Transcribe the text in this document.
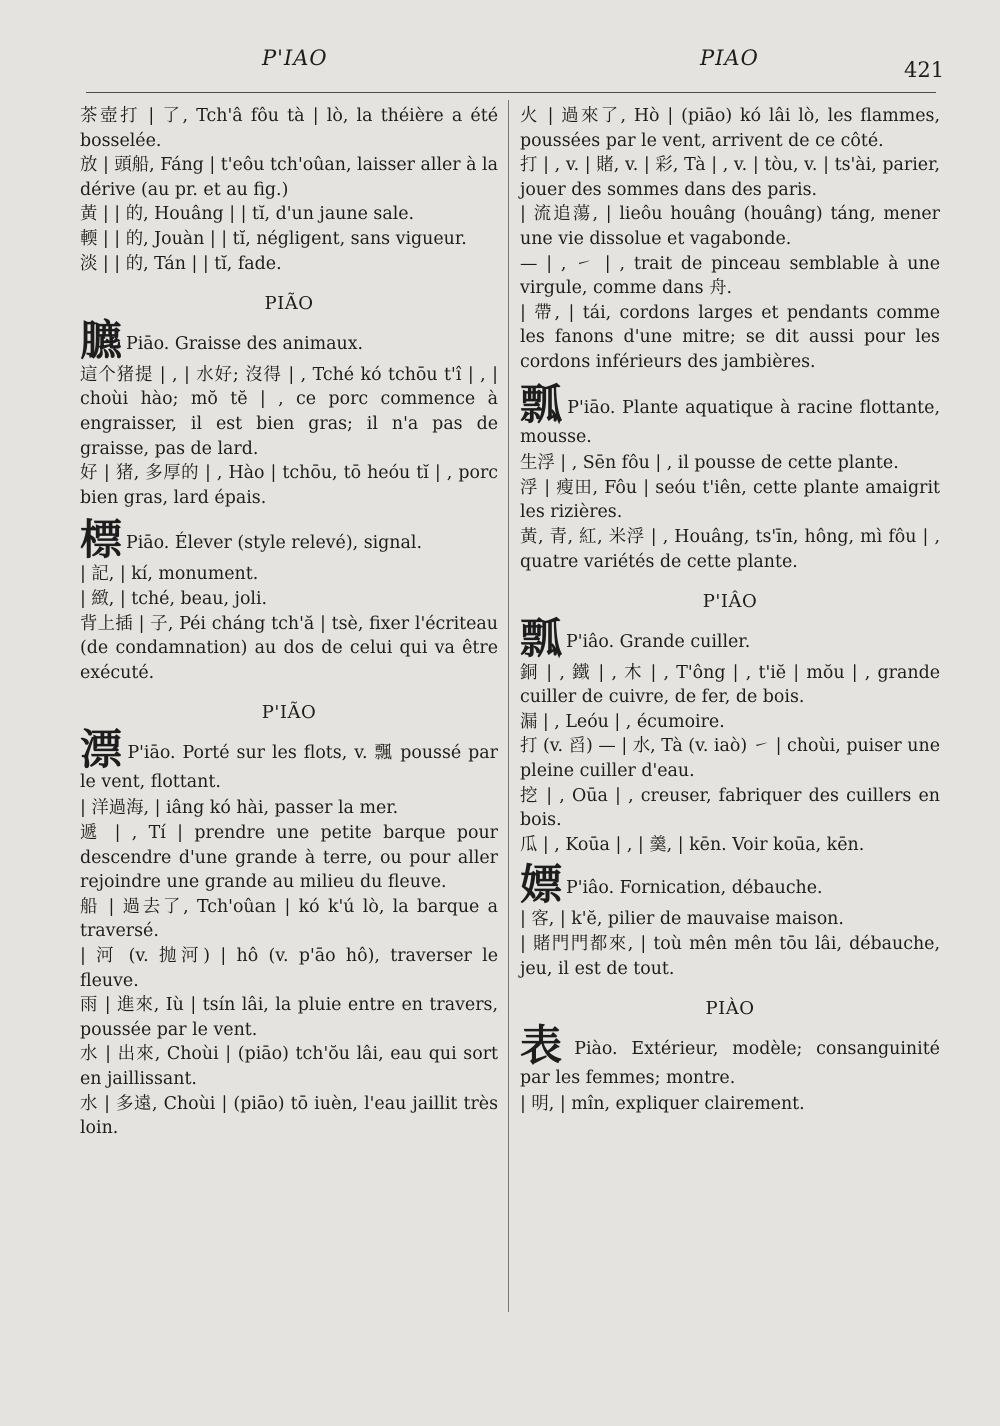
P'IAO	PIAO	421

茶壺打 | 了, Tch'â fôu tà | lò, la théière a été bosselée.

放 | 頭船, Fáng | t'eôu tch'oûan, laisser aller à la dérive (au pr. et au fig.)

黃 | | 的, Houâng | | tĭ, d'un jaune sale.

輭 | | 的, Jouàn | | tĭ, négligent, sans vigueur.

淡 | | 的, Tán | | tĭ, fade.

PIÃO

臕 Piāo. Graisse des animaux.

這个猪提 | , | 水好; 沒得 | , Tché kó tchōu t'î | , | choùi hào; mŏ tĕ | , ce porc commence à engraisser, il est bien gras; il n'a pas de graisse, pas de lard.

好 | 猪, 多厚的 | , Hào | tchōu, tō heóu tĭ | , porc bien gras, lard épais.

標 Piāo. Élever (style relevé), signal.

| 記, | kí, monument.

| 緻, | tché, beau, joli.

背上插 | 子, Péi cháng tch'ă | tsè, fixer l'écriteau (de condamnation) au dos de celui qui va être exécuté.

P'IÃO

漂 P'iāo. Porté sur les flots, v. 飄 poussé par le vent, flottant.

| 洋過海, | iâng kó hài, passer la mer.

遞 | , Tí | prendre une petite barque pour descendre d'une grande à terre, ou pour aller rejoindre une grande au milieu du fleuve.

船 | 過去了, Tch'oûan | kó k'ú lò, la barque a traversé.

| 河 (v. 抛河) | hô (v. p'āo hô), traverser le fleuve.

雨 | 進來, Iù | tsín lâi, la pluie entre en travers, poussée par le vent.

水 | 出來, Choùi | (piāo) tch'ŏu lâi, eau qui sort en jaillissant.

水 | 多遠, Choùi | (piāo) tō iuèn, l'eau jaillit très loin.

火 | 過來了, Hò | (piāo) kó lâi lò, les flammes, poussées par le vent, arrivent de ce côté.

打 | , v. | 賭, v. | 彩, Tà | , v. | tòu, v. | ts'ài, parier, jouer des sommes dans des paris.

| 流追蕩, | lieôu houâng (houâng) táng, mener une vie dissolue et vagabonde.

— | , ㇀ | , trait de pinceau semblable à une virgule, comme dans 舟.

| 帶, | tái, cordons larges et pendants comme les fanons d'une mitre; se dit aussi pour les cordons inférieurs des jambières.

瓢 P'iāo. Plante aquatique à racine flottante, mousse.

生浮 | , Sēn fôu | , il pousse de cette plante.

浮 | 瘦田, Fôu | seóu t'iên, cette plante amaigrit les rizières.

黃, 青, 紅, 米浮 | , Houâng, ts'īn, hông, mì fôu | , quatre variétés de cette plante.

P'IÂO

瓢 P'iâo. Grande cuiller.

銅 | , 鐵 | , 木 | , T'ông | , t'iĕ | mŏu | , grande cuiller de cuivre, de fer, de bois.

漏 | , Leóu | , écumoire.

打 (v. 舀) — | 水, Tà (v. iaò) ㇀ | choùi, puiser une pleine cuiller d'eau.

挖 | , Oūa | , creuser, fabriquer des cuillers en bois.

瓜 | , Koūa | , | 羹, | kēn. Voir koūa, kēn.

嫖 P'iâo. Fornication, débauche.

| 客, | k'ĕ, pilier de mauvaise maison.

| 賭門門都來, | toù mên mên tōu lâi, débauche, jeu, il est de tout.

PIÀO

表 Piào. Extérieur, modèle; consanguinité par les femmes; montre.

| 明, | mîn, expliquer clairement.
